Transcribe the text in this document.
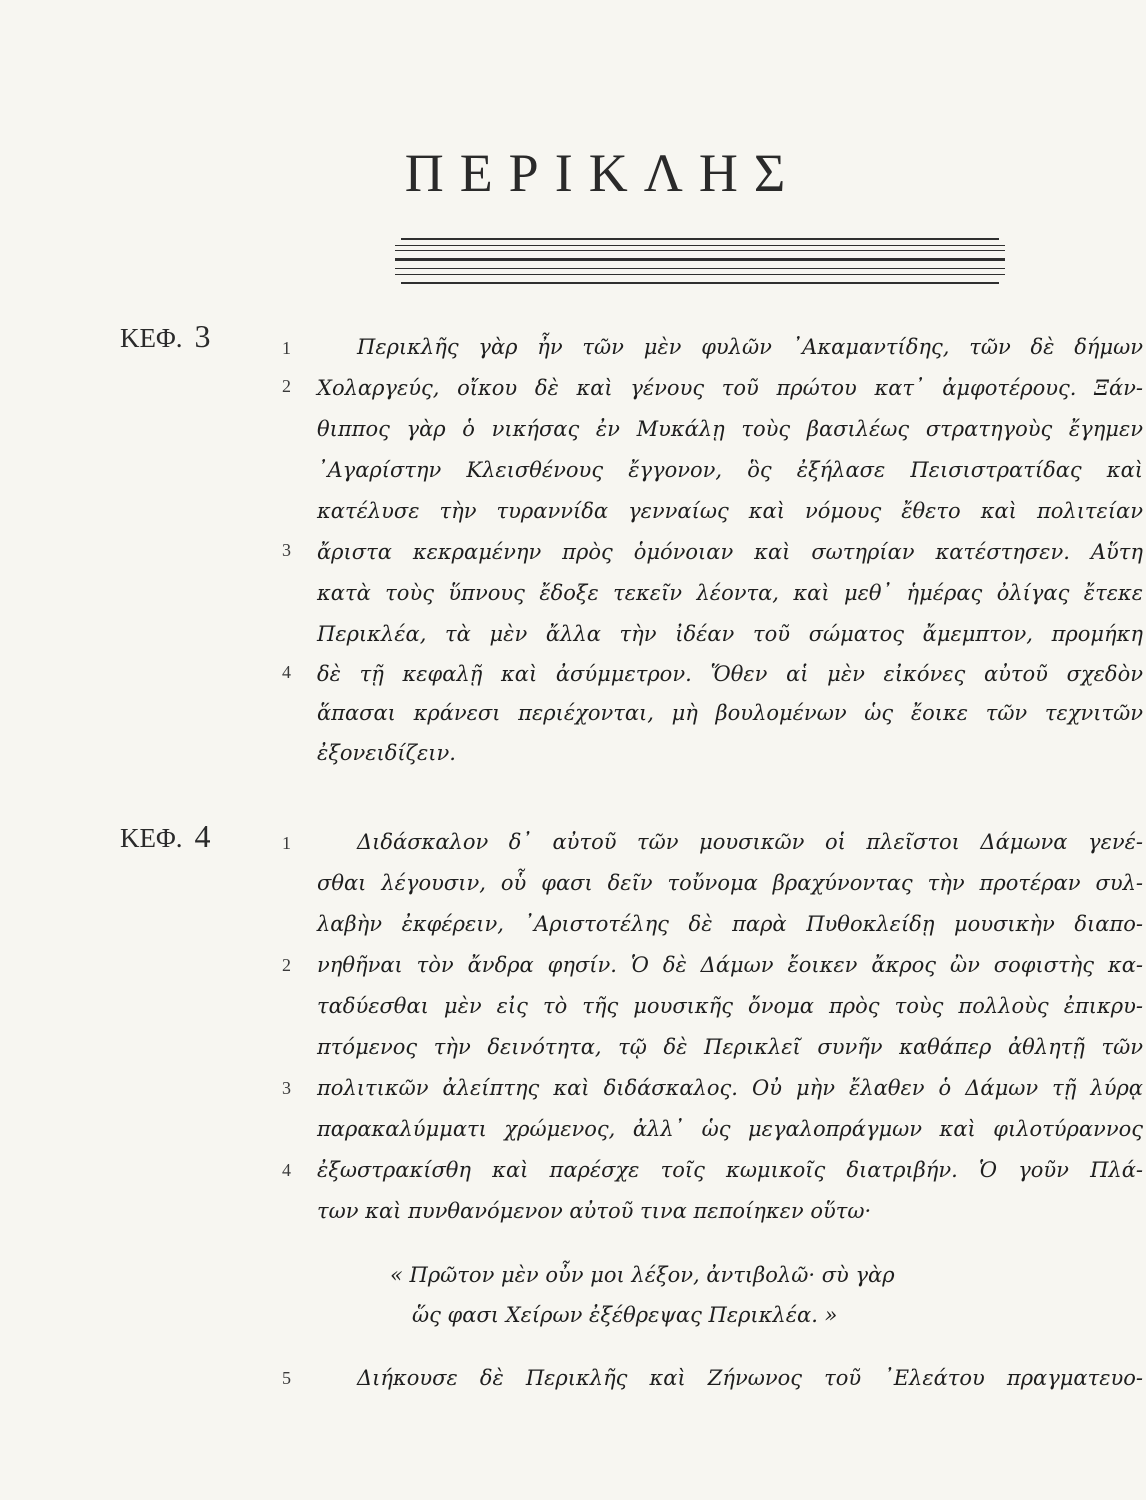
ΠΕΡΙΚΛΗΣ
ΚΕΦ. 3	1
2
3
4
Περικλῆς γὰρ ἦν τῶν μὲν φυλῶν ᾿Ακαμαντίδης, τῶν δὲ δήμων
Χολαργεύς, οἴκου δὲ καὶ γένους τοῦ πρώτου κατ᾿ ἀμφοτέρους. Ξάν-
θιππος γὰρ ὁ νικήσας ἐν Μυκάλῃ τοὺς βασιλέως στρατηγοὺς ἔγημεν
᾿Αγαρίστην Κλεισθένους ἔγγονον, ὃς ἐξήλασε Πεισιστρατίδας καὶ
κατέλυσε τὴν τυραννίδα γενναίως καὶ νόμους ἔθετο καὶ πολιτείαν
ἄριστα κεκραμένην πρὸς ὁμόνοιαν καὶ σωτηρίαν κατέστησεν. Αὕτη
κατὰ τοὺς ὕπνους ἔδοξε τεκεῖν λέοντα, καὶ μεθ᾿ ἡμέρας ὀλίγας ἔτεκε
Περικλέα, τὰ μὲν ἄλλα τὴν ἰδέαν τοῦ σώματος ἄμεμπτον, προμήκη
δὲ τῇ κεφαλῇ καὶ ἀσύμμετρον. Ὅθεν αἱ μὲν εἰκόνες αὐτοῦ σχεδὸν
ἅπασαι κράνεσι περιέχονται, μὴ βουλομένων ὡς ἔοικε τῶν τεχνιτῶν
ἐξονειδίζειν.
ΚΕΦ. 4	1
2
3
4
5
Διδάσκαλον δ᾿ αὐτοῦ τῶν μουσικῶν οἱ πλεῖστοι Δάμωνα γενέ-
σθαι λέγουσιν, οὗ φασι δεῖν τοὔνομα βραχύνοντας τὴν προτέραν συλ-
λαβὴν ἐκφέρειν, ᾿Αριστοτέλης δὲ παρὰ Πυθοκλείδῃ μουσικὴν διαπο-
νηθῆναι τὸν ἄνδρα φησίν. Ὁ δὲ Δάμων ἔοικεν ἄκρος ὢν σοφιστὴς κα-
ταδύεσθαι μὲν εἰς τὸ τῆς μουσικῆς ὄνομα πρὸς τοὺς πολλοὺς ἐπικρυ-
πτόμενος τὴν δεινότητα, τῷ δὲ Περικλεῖ συνῆν καθάπερ ἀθλητῇ τῶν
πολιτικῶν ἀλείπτης καὶ διδάσκαλος. Οὐ μὴν ἔλαθεν ὁ Δάμων τῇ λύρᾳ
παρακαλύμματι χρώμενος, ἀλλ᾿ ὡς μεγαλοπράγμων καὶ φιλοτύραννος
ἐξωστρακίσθη καὶ παρέσχε τοῖς κωμικοῖς διατριβήν. Ὁ γοῦν Πλά-
των καὶ πυνθανόμενον αὐτοῦ τινα πεποίηκεν οὕτω·
« Πρῶτον μὲν οὖν μοι λέξον, ἀντιβολῶ· σὺ γὰρ
ὥς φασι Χείρων ἐξέθρεψας Περικλέα. »
Διήκουσε δὲ Περικλῆς καὶ Ζήνωνος τοῦ ᾿Ελεάτου πραγματευο-
